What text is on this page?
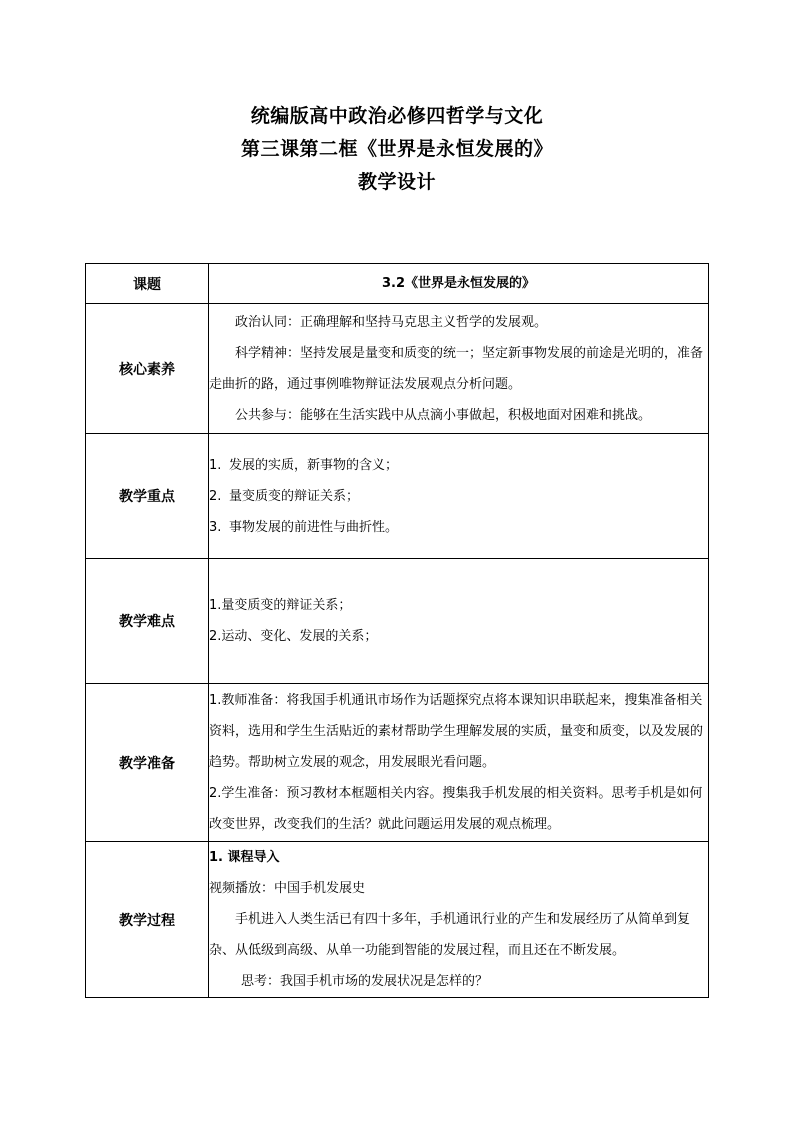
统编版高中政治必修四哲学与文化
第三课第二框《世界是永恒发展的》
教学设计
课题	3.2《世界是永恒发展的》
核心素养	政治认同：正确理解和坚持马克思主义哲学的发展观。

科学精神：坚持发展是量变和质变的统一；坚定新事物发展的前途是光明的，准备走曲折的路，通过事例唯物辩证法发展观点分析问题。

公共参与：能够在生活实践中从点滴小事做起，积极地面对困难和挑战。

教学重点	1. 发展的实质，新事物的含义；
2. 量变质变的辩证关系；
3. 事物发展的前进性与曲折性。

教学难点	1.量变质变的辩证关系；
2.运动、变化、发展的关系；

教学准备	1.教师准备：将我国手机通讯市场作为话题探究点将本课知识串联起来，搜集准备相关资料，选用和学生生活贴近的素材帮助学生理解发展的实质，量变和质变，以及发展的趋势。帮助树立发展的观念，用发展眼光看问题。

2.学生准备：预习教材本框题相关内容。搜集我手机发展的相关资料。思考手机是如何改变世界，改变我们的生活？就此问题运用发展的观点梳理。

教学过程	1. 课程导入

视频播放：中国手机发展史

手机进入人类生活已有四十多年，手机通讯行业的产生和发展经历了从简单到复杂、从低级到高级、从单一功能到智能的发展过程，而且还在不断发展。

思考：我国手机市场的发展状况是怎样的？
